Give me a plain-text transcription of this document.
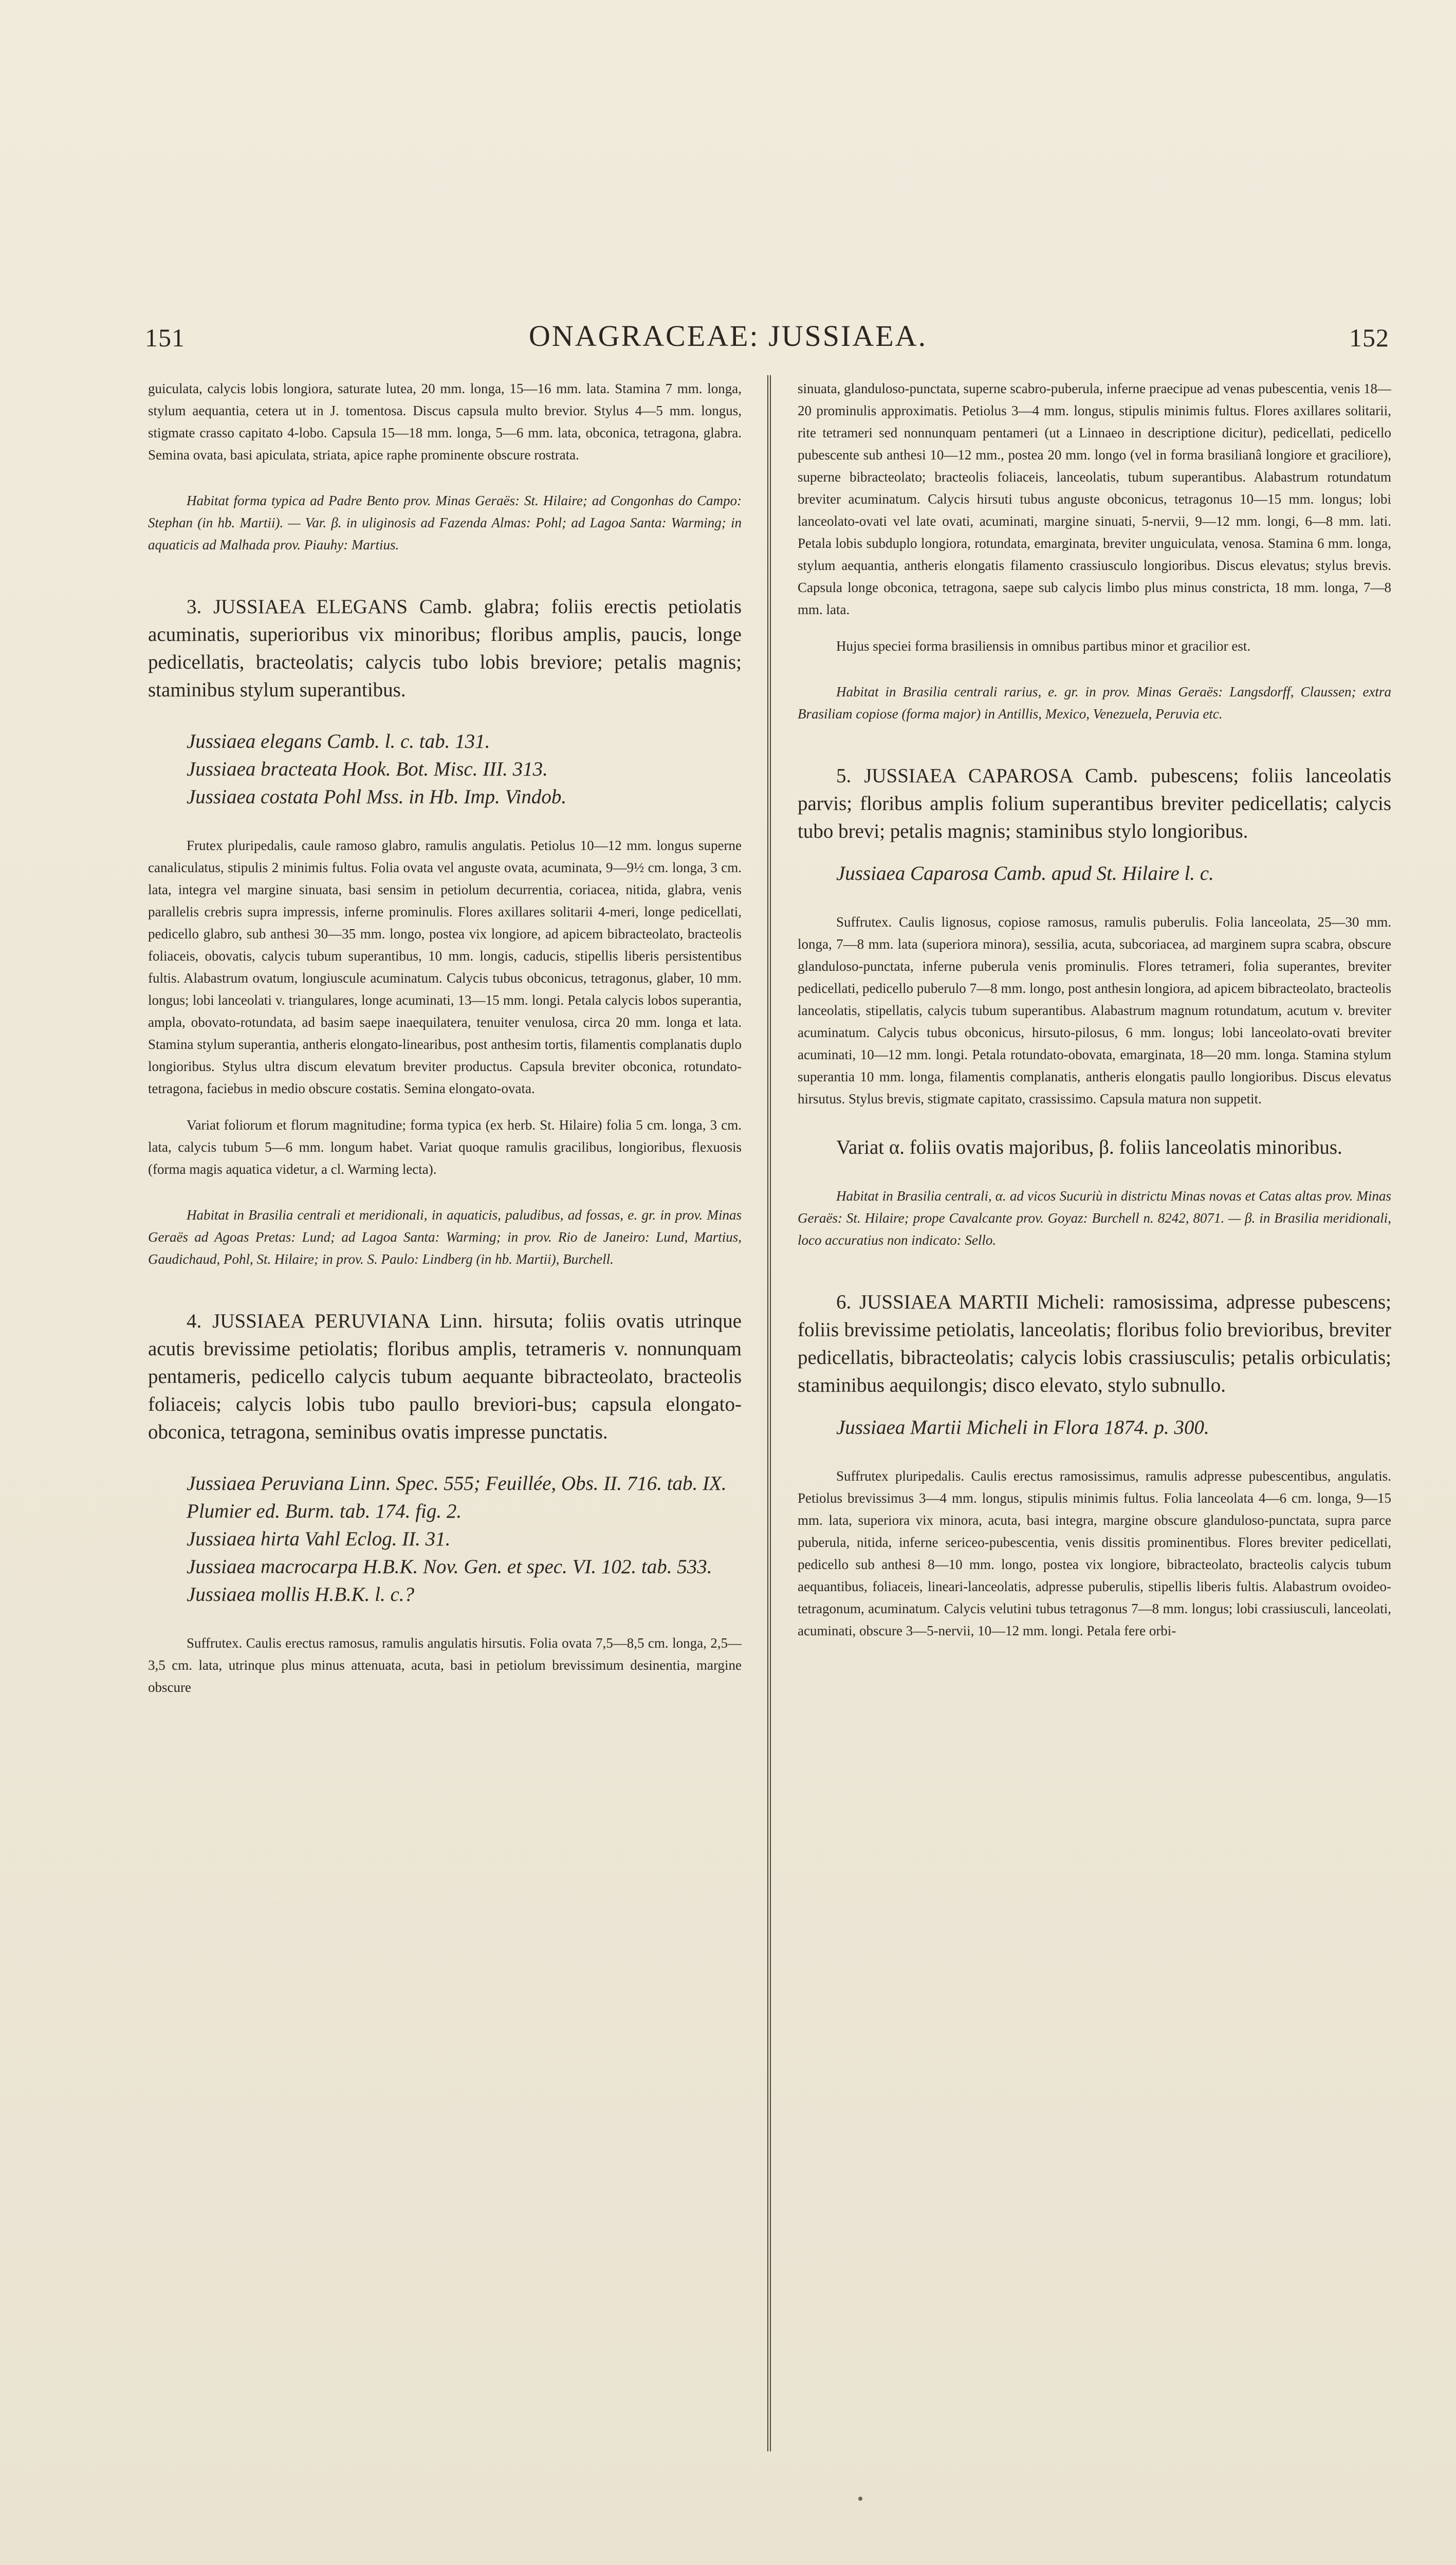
151	ONAGRACEAE: JUSSIAEA.	152

guiculata, calycis lobis longiora, saturate lutea, 20 mm. longa, 15—16 mm. lata. Stamina 7 mm. longa, stylum aequantia, cetera ut in J. tomentosa. Discus capsula multo brevior. Stylus 4—5 mm. longus, stigmate crasso capitato 4-lobo. Capsula 15—18 mm. longa, 5—6 mm. lata, obconica, tetragona, glabra. Semina ovata, basi apiculata, striata, apice raphe prominente obscure rostrata.

Habitat forma typica ad Padre Bento prov. Minas Geraës: St. Hilaire; ad Congonhas do Campo: Stephan (in hb. Martii). — Var. β. in uliginosis ad Fazenda Almas: Pohl; ad Lagoa Santa: Warming; in aquaticis ad Malhada prov. Piauhy: Martius.

3. JUSSIAEA ELEGANS Camb. glabra; foliis erectis petiolatis acuminatis, superioribus vix minoribus; floribus amplis, paucis, longe pedicellatis, bracteolatis; calycis tubo lobis breviore; petalis magnis; staminibus stylum superantibus.

Jussiaea elegans Camb. l. c. tab. 131.

Jussiaea bracteata Hook. Bot. Misc. III. 313.

Jussiaea costata Pohl Mss. in Hb. Imp. Vindob.

Frutex pluripedalis, caule ramoso glabro, ramulis angulatis. Petiolus 10—12 mm. longus superne canaliculatus, stipulis 2 minimis fultus. Folia ovata vel anguste ovata, acuminata, 9—9½ cm. longa, 3 cm. lata, integra vel margine sinuata, basi sensim in petiolum decurrentia, coriacea, nitida, glabra, venis parallelis crebris supra impressis, inferne prominulis. Flores axillares solitarii 4-meri, longe pedicellati, pedicello glabro, sub anthesi 30—35 mm. longo, postea vix longiore, ad apicem bibracteolato, bracteolis foliaceis, obovatis, calycis tubum superantibus, 10 mm. longis, caducis, stipellis liberis persistentibus fultis. Alabastrum ovatum, longiuscule acuminatum. Calycis tubus obconicus, tetragonus, glaber, 10 mm. longus; lobi lanceolati v. triangulares, longe acuminati, 13—15 mm. longi. Petala calycis lobos superantia, ampla, obovato-rotundata, ad basim saepe inaequilatera, tenuiter venulosa, circa 20 mm. longa et lata. Stamina stylum superantia, antheris elongato-linearibus, post anthesim tortis, filamentis complanatis duplo longioribus. Stylus ultra discum elevatum breviter productus. Capsula breviter obconica, rotundato-tetragona, faciebus in medio obscure costatis. Semina elongato-ovata.

Variat foliorum et florum magnitudine; forma typica (ex herb. St. Hilaire) folia 5 cm. longa, 3 cm. lata, calycis tubum 5—6 mm. longum habet. Variat quoque ramulis gracilibus, longioribus, flexuosis (forma magis aquatica videtur, a cl. Warming lecta).

Habitat in Brasilia centrali et meridionali, in aquaticis, paludibus, ad fossas, e. gr. in prov. Minas Geraës ad Agoas Pretas: Lund; ad Lagoa Santa: Warming; in prov. Rio de Janeiro: Lund, Martius, Gaudichaud, Pohl, St. Hilaire; in prov. S. Paulo: Lindberg (in hb. Martii), Burchell.

4. JUSSIAEA PERUVIANA Linn. hirsuta; foliis ovatis utrinque acutis brevissime petiolatis; floribus amplis, tetrameris v. nonnunquam pentameris, pedicello calycis tubum aequante bibracteolato, bracteolis foliaceis; calycis lobis tubo paullo breviori-bus; capsula elongato-obconica, tetragona, seminibus ovatis impresse punctatis.

Jussiaea Peruviana Linn. Spec. 555; Feuillée, Obs. II. 716. tab. IX.

Plumier ed. Burm. tab. 174. fig. 2.

Jussiaea hirta Vahl Eclog. II. 31.

Jussiaea macrocarpa H.B.K. Nov. Gen. et spec. VI. 102. tab. 533.

Jussiaea mollis H.B.K. l. c.?

Suffrutex. Caulis erectus ramosus, ramulis angulatis hirsutis. Folia ovata 7,5—8,5 cm. longa, 2,5—3,5 cm. lata, utrinque plus minus attenuata, acuta, basi in petiolum brevissimum desinentia, margine obscure

sinuata, glanduloso-punctata, superne scabro-puberula, inferne praecipue ad venas pubescentia, venis 18—20 prominulis approximatis. Petiolus 3—4 mm. longus, stipulis minimis fultus. Flores axillares solitarii, rite tetrameri sed nonnunquam pentameri (ut a Linnaeo in descriptione dicitur), pedicellati, pedicello pubescente sub anthesi 10—12 mm., postea 20 mm. longo (vel in forma brasilianâ longiore et graciliore), superne bibracteolato; bracteolis foliaceis, lanceolatis, tubum superantibus. Alabastrum rotundatum breviter acuminatum. Calycis hirsuti tubus anguste obconicus, tetragonus 10—15 mm. longus; lobi lanceolato-ovati vel late ovati, acuminati, margine sinuati, 5-nervii, 9—12 mm. longi, 6—8 mm. lati. Petala lobis subduplo longiora, rotundata, emarginata, breviter unguiculata, venosa. Stamina 6 mm. longa, stylum aequantia, antheris elongatis filamento crassiusculo longioribus. Discus elevatus; stylus brevis. Capsula longe obconica, tetragona, saepe sub calycis limbo plus minus constricta, 18 mm. longa, 7—8 mm. lata.

Hujus speciei forma brasiliensis in omnibus partibus minor et gracilior est.

Habitat in Brasilia centrali rarius, e. gr. in prov. Minas Geraës: Langsdorff, Claussen; extra Brasiliam copiose (forma major) in Antillis, Mexico, Venezuela, Peruvia etc.

5. JUSSIAEA CAPAROSA Camb. pubescens; foliis lanceolatis parvis; floribus amplis folium superantibus breviter pedicellatis; calycis tubo brevi; petalis magnis; staminibus stylo longioribus.

Jussiaea Caparosa Camb. apud St. Hilaire l. c.

Suffrutex. Caulis lignosus, copiose ramosus, ramulis puberulis. Folia lanceolata, 25—30 mm. longa, 7—8 mm. lata (superiora minora), sessilia, acuta, subcoriacea, ad marginem supra scabra, obscure glanduloso-punctata, inferne puberula venis prominulis. Flores tetrameri, folia superantes, breviter pedicellati, pedicello puberulo 7—8 mm. longo, post anthesin longiora, ad apicem bibracteolato, bracteolis lanceolatis, stipellatis, calycis tubum superantibus. Alabastrum magnum rotundatum, acutum v. breviter acuminatum. Calycis tubus obconicus, hirsuto-pilosus, 6 mm. longus; lobi lanceolato-ovati breviter acuminati, 10—12 mm. longi. Petala rotundato-obovata, emarginata, 18—20 mm. longa. Stamina stylum superantia 10 mm. longa, filamentis complanatis, antheris elongatis paullo longioribus. Discus elevatus hirsutus. Stylus brevis, stigmate capitato, crassissimo. Capsula matura non suppetit.

Variat α. foliis ovatis majoribus, β. foliis lanceolatis minoribus.

Habitat in Brasilia centrali, α. ad vicos Sucuriù in districtu Minas novas et Catas altas prov. Minas Geraës: St. Hilaire; prope Cavalcante prov. Goyaz: Burchell n. 8242, 8071. — β. in Brasilia meridionali, loco accuratius non indicato: Sello.

6. JUSSIAEA MARTII Micheli: ramosissima, adpresse pubescens; foliis brevissime petiolatis, lanceolatis; floribus folio brevioribus, breviter pedicellatis, bibracteolatis; calycis lobis crassiusculis; petalis orbiculatis; staminibus aequilongis; disco elevato, stylo subnullo.

Jussiaea Martii Micheli in Flora 1874. p. 300.

Suffrutex pluripedalis. Caulis erectus ramosissimus, ramulis adpresse pubescentibus, angulatis. Petiolus brevissimus 3—4 mm. longus, stipulis minimis fultus. Folia lanceolata 4—6 cm. longa, 9—15 mm. lata, superiora vix minora, acuta, basi integra, margine obscure glanduloso-punctata, supra parce puberula, nitida, inferne sericeo-pubescentia, venis dissitis prominentibus. Flores breviter pedicellati, pedicello sub anthesi 8—10 mm. longo, postea vix longiore, bibracteolato, bracteolis calycis tubum aequantibus, foliaceis, lineari-lanceolatis, adpresse puberulis, stipellis liberis fultis. Alabastrum ovoideo-tetragonum, acuminatum. Calycis velutini tubus tetragonus 7—8 mm. longus; lobi crassiusculi, lanceolati, acuminati, obscure 3—5-nervii, 10—12 mm. longi. Petala fere orbi-
